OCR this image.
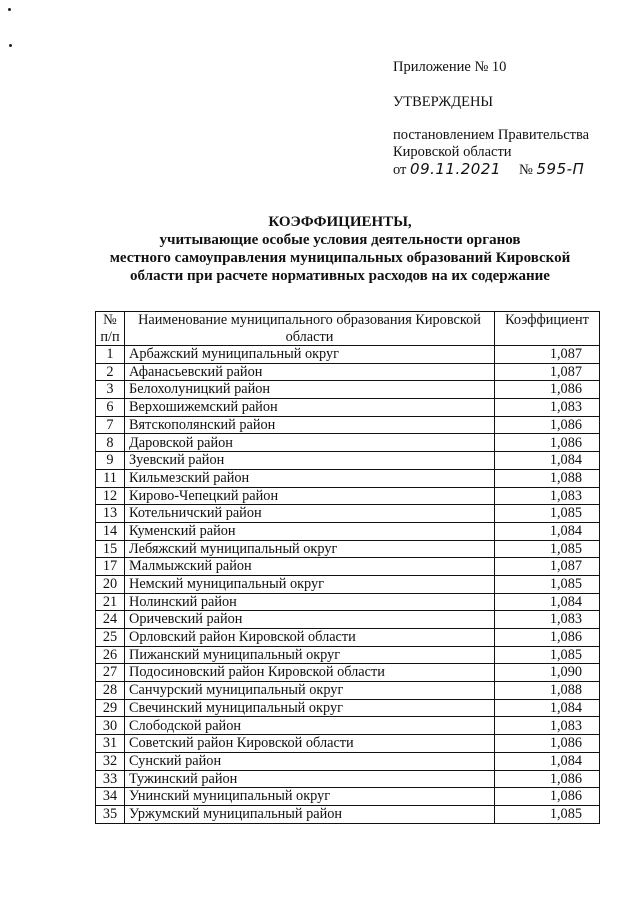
Приложение № 10
УТВЕРЖДЕНЫ
постановлением Правительства
Кировской области
от 09.11.2021 № 595-П
КОЭФФИЦИЕНТЫ,
учитывающие особые условия деятельности органов
местного самоуправления муниципальных образований Кировской
области при расчете нормативных расходов на их содержание
№ п/п	Наименование муниципального образования Кировской области	Коэффициент
1	Арбажский муниципальный округ	1,087
2	Афанасьевский район	1,087
3	Белохолуницкий район	1,086
6	Верхошижемский район	1,083
7	Вятскополянский район	1,086
8	Даровской район	1,086
9	Зуевский район	1,084
11	Кильмезский район	1,088
12	Кирово-Чепецкий район	1,083
13	Котельничский район	1,085
14	Куменский район	1,084
15	Лебяжский муниципальный округ	1,085
17	Малмыжский район	1,087
20	Немский муниципальный округ	1,085
21	Нолинский район	1,084
24	Оричевский район	1,083
25	Орловский район Кировской области	1,086
26	Пижанский муниципальный округ	1,085
27	Подосиновский район Кировской области	1,090
28	Санчурский муниципальный округ	1,088
29	Свечинский муниципальный округ	1,084
30	Слободской район	1,083
31	Советский район Кировской области	1,086
32	Сунский район	1,084
33	Тужинский район	1,086
34	Унинский муниципальный округ	1,086
35	Уржумский муниципальный район	1,085
